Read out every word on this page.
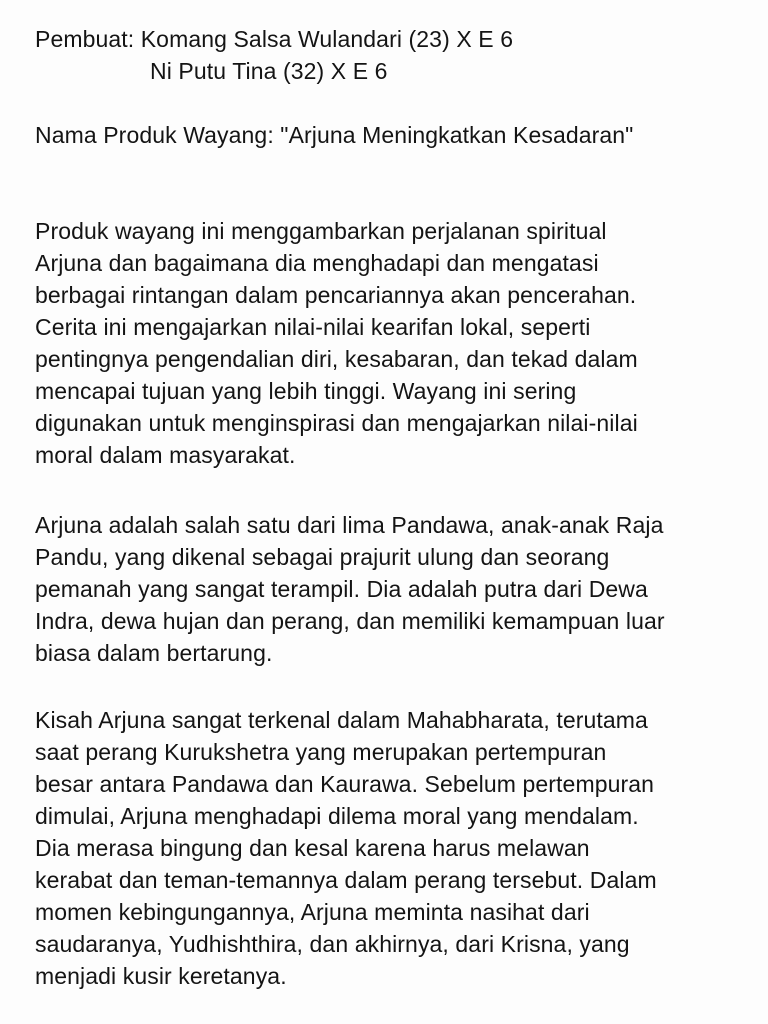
Pembuat: Komang Salsa Wulandari (23) X E 6

Ni Putu Tina (32) X E 6

Nama Produk Wayang: "Arjuna Meningkatkan Kesadaran"

Produk wayang ini menggambarkan perjalanan spiritual
Arjuna dan bagaimana dia menghadapi dan mengatasi
berbagai rintangan dalam pencariannya akan pencerahan.
Cerita ini mengajarkan nilai-nilai kearifan lokal, seperti
pentingnya pengendalian diri, kesabaran, dan tekad dalam
mencapai tujuan yang lebih tinggi. Wayang ini sering
digunakan untuk menginspirasi dan mengajarkan nilai-nilai
moral dalam masyarakat.
Arjuna adalah salah satu dari lima Pandawa, anak-anak Raja
Pandu, yang dikenal sebagai prajurit ulung dan seorang
pemanah yang sangat terampil. Dia adalah putra dari Dewa
Indra, dewa hujan dan perang, dan memiliki kemampuan luar
biasa dalam bertarung.
Kisah Arjuna sangat terkenal dalam Mahabharata, terutama
saat perang Kurukshetra yang merupakan pertempuran
besar antara Pandawa dan Kaurawa. Sebelum pertempuran
dimulai, Arjuna menghadapi dilema moral yang mendalam.
Dia merasa bingung dan kesal karena harus melawan
kerabat dan teman-temannya dalam perang tersebut. Dalam
momen kebingungannya, Arjuna meminta nasihat dari
saudaranya, Yudhishthira, dan akhirnya, dari Krisna, yang
menjadi kusir keretanya.
